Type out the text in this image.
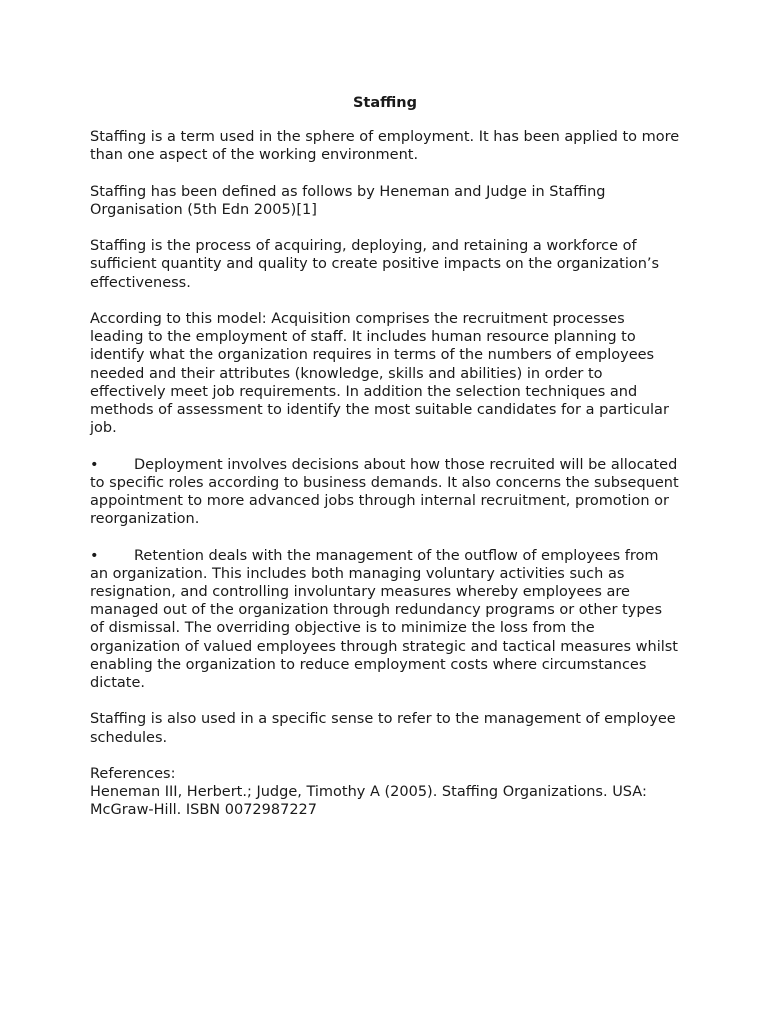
Staffing

Staffing is a term used in the sphere of employment. It has been applied to more than one aspect of the working environment.

Staffing has been defined as follows by Heneman and Judge in Staffing Organisation (5th Edn 2005)[1]

Staffing is the process of acquiring, deploying, and retaining a workforce of sufficient quantity and quality to create positive impacts on the organization’s effectiveness.

According to this model: Acquisition comprises the recruitment processes leading to the employment of staff. It includes human resource planning to identify what the organization requires in terms of the numbers of employees needed and their attributes (knowledge, skills and abilities) in order to effectively meet job requirements. In addition the selection techniques and methods of assessment to identify the most suitable candidates for a particular job.

• Deployment involves decisions about how those recruited will be allocated to specific roles according to business demands. It also concerns the subsequent appointment to more advanced jobs through internal recruitment, promotion or reorganization.

• Retention deals with the management of the outflow of employees from an organization. This includes both managing voluntary activities such as resignation, and controlling involuntary measures whereby employees are managed out of the organization through redundancy programs or other types of dismissal. The overriding objective is to minimize the loss from the organization of valued employees through strategic and tactical measures whilst enabling the organization to reduce employment costs where circumstances dictate.

Staffing is also used in a specific sense to refer to the management of employee schedules.

References:
Heneman III, Herbert.; Judge, Timothy A (2005). Staffing Organizations. USA: McGraw-Hill. ISBN 0072987227
